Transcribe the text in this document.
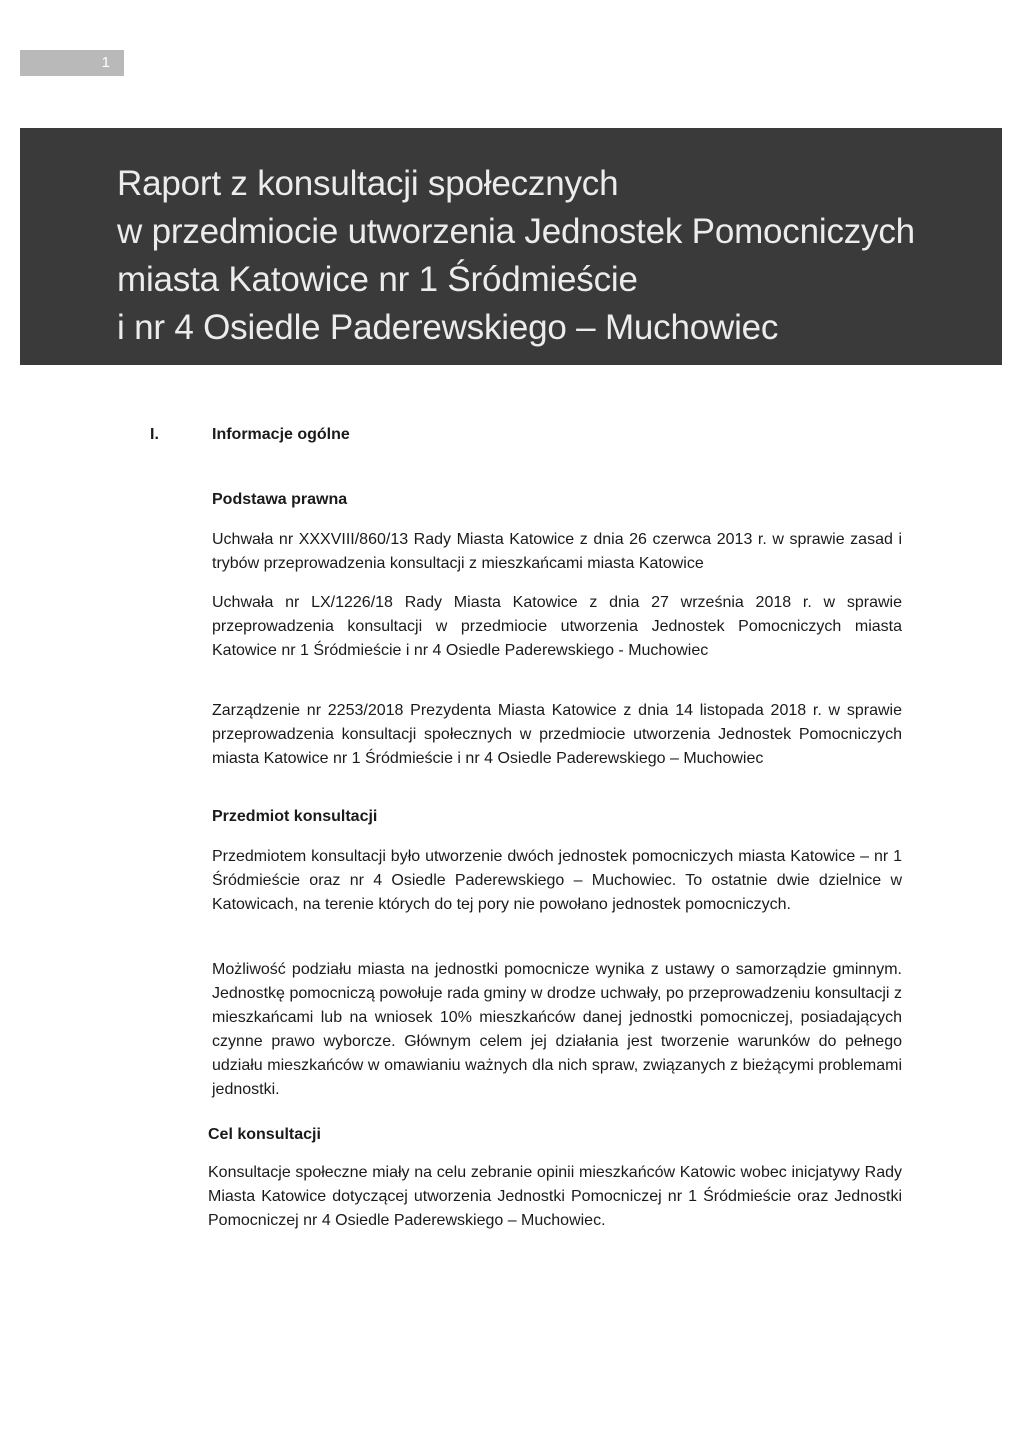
1
Raport z konsultacji społecznych
w przedmiocie utworzenia Jednostek Pomocniczych
miasta Katowice nr 1 Śródmieście
i nr 4 Osiedle Paderewskiego – Muchowiec
I.	Informacje ogólne
Podstawa prawna

Uchwała nr XXXVIII/860/13 Rady Miasta Katowice z dnia 26 czerwca 2013 r. w sprawie zasad i trybów przeprowadzenia konsultacji z mieszkańcami miasta Katowice

Uchwała nr LX/1226/18 Rady Miasta Katowice z dnia 27 września 2018 r. w sprawie przeprowadzenia konsultacji w przedmiocie utworzenia Jednostek Pomocniczych miasta Katowice nr 1 Śródmieście i nr 4 Osiedle Paderewskiego - Muchowiec

Zarządzenie nr 2253/2018 Prezydenta Miasta Katowice z dnia 14 listopada 2018 r. w sprawie przeprowadzenia konsultacji społecznych w przedmiocie utworzenia Jednostek Pomocniczych miasta Katowice nr 1 Śródmieście i nr 4 Osiedle Paderewskiego – Muchowiec

Przedmiot konsultacji

Przedmiotem konsultacji było utworzenie dwóch jednostek pomocniczych miasta Katowice – nr 1 Śródmieście oraz nr 4 Osiedle Paderewskiego – Muchowiec. To ostatnie dwie dzielnice w Katowicach, na terenie których do tej pory nie powołano jednostek pomocniczych.

Możliwość podziału miasta na jednostki pomocnicze wynika z ustawy o samorządzie gminnym. Jednostkę pomocniczą powołuje rada gminy w drodze uchwały, po przeprowadzeniu konsultacji z mieszkańcami lub na wniosek 10% mieszkańców danej jednostki pomocniczej, posiadających czynne prawo wyborcze. Głównym celem jej działania jest tworzenie warunków do pełnego udziału mieszkańców w omawianiu ważnych dla nich spraw, związanych z bieżącymi problemami jednostki.

Cel konsultacji

Konsultacje społeczne miały na celu zebranie opinii mieszkańców Katowic wobec inicjatywy Rady Miasta Katowice dotyczącej utworzenia Jednostki Pomocniczej nr 1 Śródmieście oraz Jednostki Pomocniczej nr 4 Osiedle Paderewskiego – Muchowiec.
